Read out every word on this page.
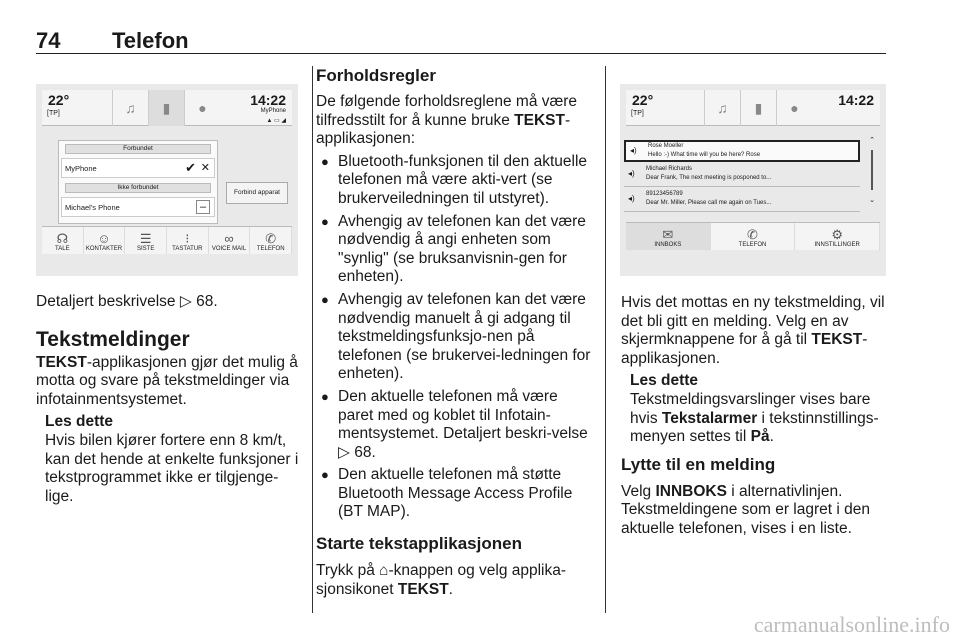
74 Telefon
22°
[TP]	♫	▮	●	14:22
MyPhone
▲ ▭ ◢
Forbundet
MyPhone	✔ ✕
Ikke forbundet
Michael's Phone	–
Forbind apparat
☊
TALE
☺
KONTAKTER
☰
SISTE
⁝
TASTATUR
∞
VOICE MAIL
✆
TELEFON
22°
[TP]	♫	▮	●	14:22
◂) Rose Moeller
Hello :-) What time will you be here? Rose
◂) Michael Richards
Dear Frank, The next meeting is posponed to...
◂) 89123456789
Dear Mr. Miller, Please call me again on Tues...
⌃
⌄
✉
INNBOKS
✆
TELEFON
⚙
INNSTILLINGER

Detaljert beskrivelse ▷ 68.

Tekstmeldinger

TEKST-applikasjonen gjør det mulig å motta og svare på tekstmeldinger via infotainmentsystemet.

Les dette

Hvis bilen kjører fortere enn 8 km/t, kan det hende at enkelte funksjoner i tekstprogrammet ikke er tilgjenge-lige.

Forholdsregler

De følgende forholdsreglene må være tilfredsstilt for å kunne bruke TEKST-applikasjonen:

● Bluetooth-funksjonen til den aktuelle telefonen må være akti-vert (se brukerveiledningen til utstyret).
● Avhengig av telefonen kan det være nødvendig å angi enheten som "synlig" (se bruksanvisnin-gen for enheten).
● Avhengig av telefonen kan det være nødvendig manuelt å gi adgang til tekstmeldingsfunksjo-nen på telefonen (se brukervei-ledningen for enheten).
● Den aktuelle telefonen må være paret med og koblet til Infotain-mentsystemet. Detaljert beskri-velse ▷ 68.
● Den aktuelle telefonen må støtte Bluetooth Message Access Profile (BT MAP).
Starte tekstapplikasjonen

Trykk på ⌂-knappen og velg applika-sjonsikonet TEKST.

Hvis det mottas en ny tekstmelding, vil det bli gitt en melding. Velg en av skjermknappene for å gå til TEKST-applikasjonen.

Les dette

Tekstmeldingsvarslinger vises bare hvis Tekstalarmer i tekstinnstillings-menyen settes til På.

Lytte til en melding

Velg INNBOKS i alternativlinjen. Tekstmeldingene som er lagret i den aktuelle telefonen, vises i en liste.

carmanualsonline.info
